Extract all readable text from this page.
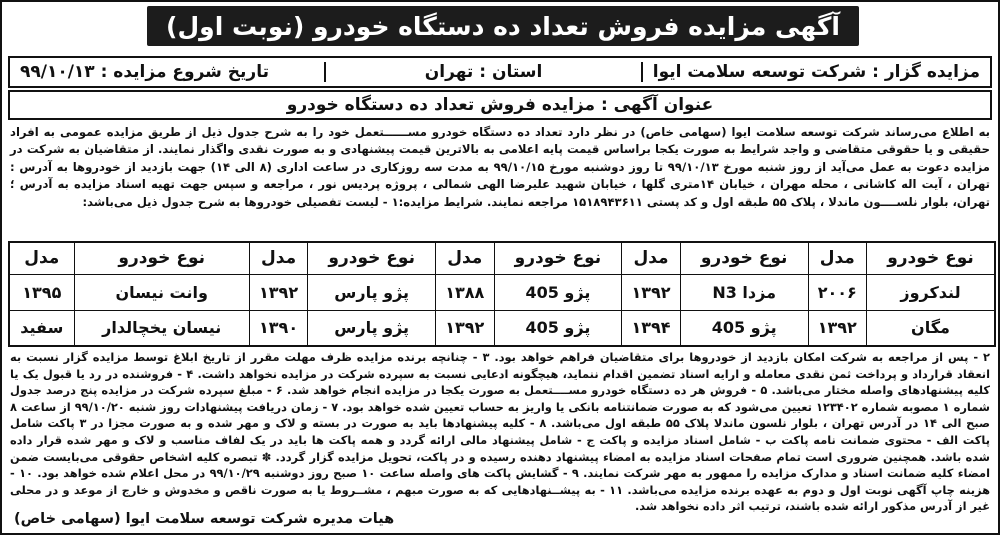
آگهی مزایده فروش تعداد ده دستگاه خودرو (نوبت اول)
مزایده گزار : شرکت توسعه سلامت ایوا
استان : تهران
تاریخ شروع مزایده : ۹۹/۱۰/۱۳
عنوان آگهی : مزایده فروش تعداد ده دستگاه خودرو
به اطلاع می‌رساند شرکت توسعه سلامت ایوا (سهامی خاص) در نظر دارد تعداد ده دستگاه خودرو مســــــتعمل خود را به شرح جدول ذیل از طریق مزایده عمومی به افراد حقیقی و یا حقوقی متقاضی و واجد شرایط به صورت یکجا براساس قیمت پایه اعلامی به بالاترین قیمت پیشنهادی و به صورت نقدی واگذار نمایند. از متقاضیان به شرکت در مزایده دعوت به عمل می‌آید از روز شنبه مورخ ۹۹/۱۰/۱۳ تا روز دوشنبه مورخ ۹۹/۱۰/۱۵ به مدت سه روزکاری در ساعت اداری (۸ الی ۱۴) جهت بازدید از خودروها به آدرس : تهران ، آیت اله کاشانی ، محله مهران ، خیابان ۱۴متری گلها ، خیابان شهید علیرضا الهی شمالی ، پروژه پردیس نور ، مراجعه و سپس جهت تهیه اسناد مزایده به آدرس ؛ تهران، بلوار نلســــون ماندلا ، پلاک ۵۵ طبقه اول و کد پستی ۱۵۱۸۹۴۳۶۱۱ مراجعه نمایند. شرایط مزایده:۱ - لیست تفصیلی خودروها به شرح جدول ذیل می‌باشد:
نوع خودرو	مدل	نوع خودرو	مدل	نوع خودرو	مدل	نوع خودرو	مدل	نوع خودرو	مدل
لندکروز	۲۰۰۶	مزدا N3	۱۳۹۲	پژو 405	۱۳۸۸	پژو پارس	۱۳۹۲	وانت نیسان	۱۳۹۵
مگان	۱۳۹۲	پژو 405	۱۳۹۴	پژو 405	۱۳۹۲	پژو پارس	۱۳۹۰	نیسان یخچالدار	سفید
۲ - پس از مراجعه به شرکت امکان بازدید از خودروها برای متقاضیان فراهم خواهد بود. ۳ - چنانچه برنده مزایده ظرف مهلت مقرر از تاریخ ابلاغ توسط مزایده گزار نسبت به انعقاد قرارداد و پرداخت ثمن نقدی معامله و ارایه اسناد تضمین اقدام ننماید، هیچگونه ادعایی نسبت به سپرده شرکت در مزایده نخواهد داشت. ۴ - فروشنده در رد یا قبول یک یا کلیه پیشنهادهای واصله مختار می‌باشد. ۵ - فروش هر ده دستگاه خودرو مســــتعمل به صورت یکجا در مزایده انجام خواهد شد. ۶ - مبلغ سپرده شرکت در مزایده پنج درصد جدول شماره ۱ مصوبه شماره ۱۲۳۴۰۲ تعیین می‌شود که به صورت ضمانتنامه بانکی یا واریز به حساب تعیین شده خواهد بود. ۷ - زمان دریافت پیشنهادات روز شنبه ۹۹/۱۰/۲۰ از ساعت ۸ صبح الی ۱۴ در آدرس تهران ، بلوار نلسون ماندلا پلاک ۵۵ طبقه اول می‌باشد. ۸ - کلیه پیشنهادها باید به صورت در بسته و لاک و مهر شده و به صورت مجزا در ۳ پاکت شامل پاکت الف - محتوی ضمانت نامه پاکت ب - شامل اسناد مزایده و پاکت ج - شامل پیشنهاد مالی ارائه گردد و همه پاکت ها باید در یک لفاف مناسب و لاک و مهر شده قرار داده شده باشد. همچنین ضروری است تمام صفحات اسناد مزایده به امضاء پیشنهاد دهنده رسیده و در پاکت، تحویل مزایده گزار گردد. ✽ تبصره کلیه اشخاص حقوقی می‌بایست ضمن امضاء کلیه ضمانت اسناد و مدارک مزایده را ممهور به مهر شرکت نمایند. ۹ - گشایش پاکت های واصله ساعت ۱۰ صبح روز دوشنبه ۹۹/۱۰/۲۹ در محل اعلام شده خواهد بود. ۱۰ - هزینه چاپ آگهی نوبت اول و دوم به عهده برنده مزایده می‌باشد. ۱۱ - به پیشــنهادهایی که به صورت مبهم ، مشــروط یا به صورت ناقص و مخدوش و خارج از موعد و در محلی غیر از آدرس مذکور ارائه شده باشند، ترتیب اثر داده نخواهد شد.
هیات مدیره شرکت توسعه سلامت ایوا (سهامی خاص)
